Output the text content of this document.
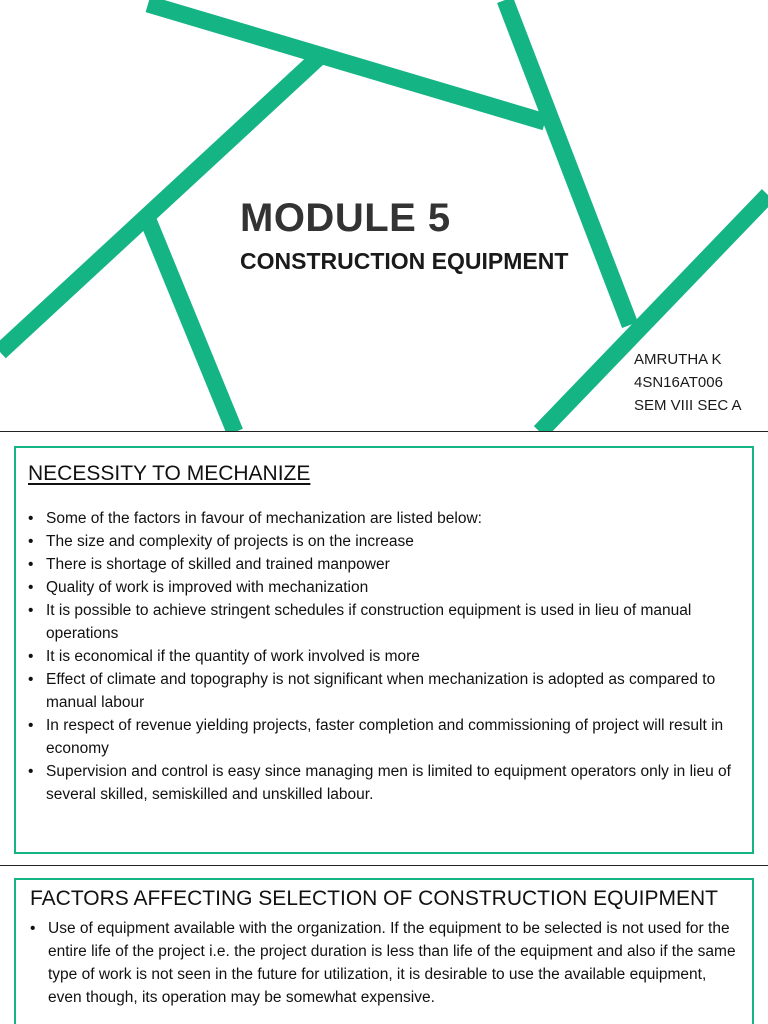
MODULE 5
CONSTRUCTION EQUIPMENT
AMRUTHA K
4SN16AT006
SEM VIII SEC A
NECESSITY TO MECHANIZE
• Some of the factors in favour of mechanization are listed below:
• The size and complexity of projects is on the increase
• There is shortage of skilled and trained manpower
• Quality of work is improved with mechanization
• It is possible to achieve stringent schedules if construction equipment is used in lieu of manual operations
• It is economical if the quantity of work involved is more
• Effect of climate and topography is not significant when mechanization is adopted as compared to manual labour
• In respect of revenue yielding projects, faster completion and commissioning of project will result in economy
• Supervision and control is easy since managing men is limited to equipment operators only in lieu of several skilled, semiskilled and unskilled labour.
FACTORS AFFECTING SELECTION OF CONSTRUCTION EQUIPMENT
• Use of equipment available with the organization. If the equipment to be selected is not used for the entire life of the project i.e. the project duration is less than life of the equipment and also if the same type of work is not seen in the future for utilization, it is desirable to use the available equipment, even though, its operation may be somewhat expensive.
